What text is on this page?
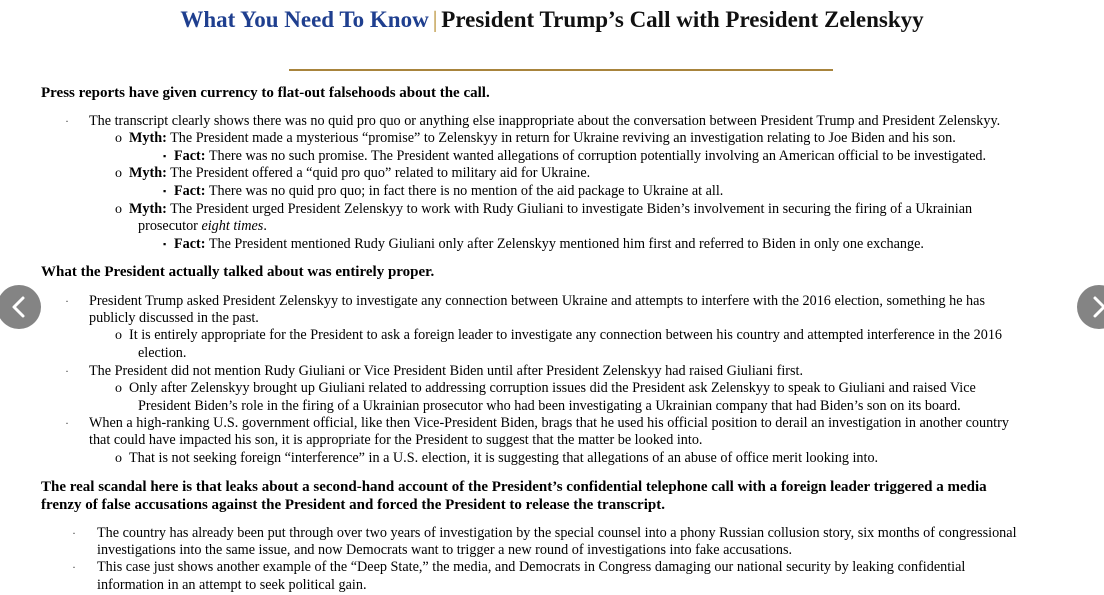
What You Need To Know | President Trump’s Call with President Zelenskyy
Press reports have given currency to flat-out falsehoods about the call.
· The transcript clearly shows there was no quid pro quo or anything else inappropriate about the conversation between President Trump and President Zelenskyy.
o Myth: The President made a mysterious “promise” to Zelenskyy in return for Ukraine reviving an investigation relating to Joe Biden and his son.
▪ Fact: There was no such promise. The President wanted allegations of corruption potentially involving an American official to be investigated.
o Myth: The President offered a “quid pro quo” related to military aid for Ukraine.
▪ Fact: There was no quid pro quo; in fact there is no mention of the aid package to Ukraine at all.
o Myth: The President urged President Zelenskyy to work with Rudy Giuliani to investigate Biden’s involvement in securing the firing of a Ukrainian
prosecutor eight times.
▪ Fact: The President mentioned Rudy Giuliani only after Zelenskyy mentioned him first and referred to Biden in only one exchange.
What the President actually talked about was entirely proper.
· President Trump asked President Zelenskyy to investigate any connection between Ukraine and attempts to interfere with the 2016 election, something he has
publicly discussed in the past.
o It is entirely appropriate for the President to ask a foreign leader to investigate any connection between his country and attempted interference in the 2016
election.
· The President did not mention Rudy Giuliani or Vice President Biden until after President Zelenskyy had raised Giuliani first.
o Only after Zelenskyy brought up Giuliani related to addressing corruption issues did the President ask Zelenskyy to speak to Giuliani and raised Vice
President Biden’s role in the firing of a Ukrainian prosecutor who had been investigating a Ukrainian company that had Biden’s son on its board.
· When a high-ranking U.S. government official, like then Vice-President Biden, brags that he used his official position to derail an investigation in another country
that could have impacted his son, it is appropriate for the President to suggest that the matter be looked into.
o That is not seeking foreign “interference” in a U.S. election, it is suggesting that allegations of an abuse of office merit looking into.
The real scandal here is that leaks about a second-hand account of the President’s confidential telephone call with a foreign leader triggered a media
frenzy of false accusations against the President and forced the President to release the transcript.
· The country has already been put through over two years of investigation by the special counsel into a phony Russian collusion story, six months of congressional
investigations into the same issue, and now Democrats want to trigger a new round of investigations into fake accusations.
· This case just shows another example of the “Deep State,” the media, and Democrats in Congress damaging our national security by leaking confidential
information in an attempt to seek political gain.
